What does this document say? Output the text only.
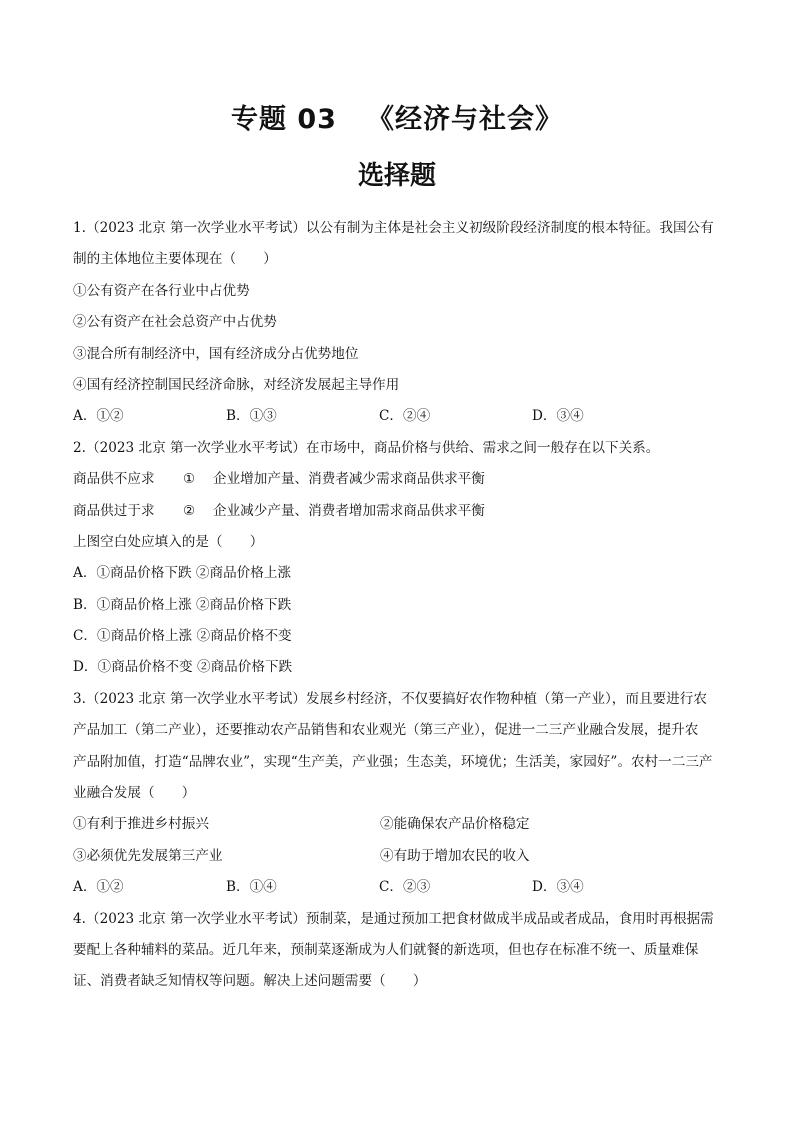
专题 03 《经济与社会》
选择题
1.（2023 北京 第一次学业水平考试）以公有制为主体是社会主义初级阶段经济制度的根本特征。我国公有
制的主体地位主要体现在（　　）
①公有资产在各行业中占优势
②公有资产在社会总资产中占优势
③混合所有制经济中，国有经济成分占优势地位
④国有经济控制国民经济命脉，对经济发展起主导作用
A．①②	B．①③	C．②④	D．③④
2.（2023 北京 第一次学业水平考试）在市场中，商品价格与供给、需求之间一般存在以下关系。
商品供不应求 ① 企业增加产量、消费者减少需求商品供求平衡
商品供过于求 ② 企业减少产量、消费者增加需求商品供求平衡
上图空白处应填入的是（　　）
A．①商品价格下跌 ②商品价格上涨
B．①商品价格上涨 ②商品价格下跌
C．①商品价格上涨 ②商品价格不变
D．①商品价格不变 ②商品价格下跌
3.（2023 北京 第一次学业水平考试）发展乡村经济，不仅要搞好农作物种植（第一产业），而且要进行农
产品加工（第二产业），还要推动农产品销售和农业观光（第三产业），促进一二三产业融合发展，提升农
产品附加值，打造“品牌农业”，实现“生产美，产业强；生态美，环境优；生活美，家园好”。农村一二三产
业融合发展（　　）
①有利于推进乡村振兴	②能确保农产品价格稳定
③必须优先发展第三产业	④有助于增加农民的收入
A．①②	B．①④	C．②③	D．③④
4.（2023 北京 第一次学业水平考试）预制菜，是通过预加工把食材做成半成品或者成品，食用时再根据需
要配上各种辅料的菜品。近几年来，预制菜逐渐成为人们就餐的新选项，但也存在标准不统一、质量难保
证、消费者缺乏知情权等问题。解决上述问题需要（　　）
